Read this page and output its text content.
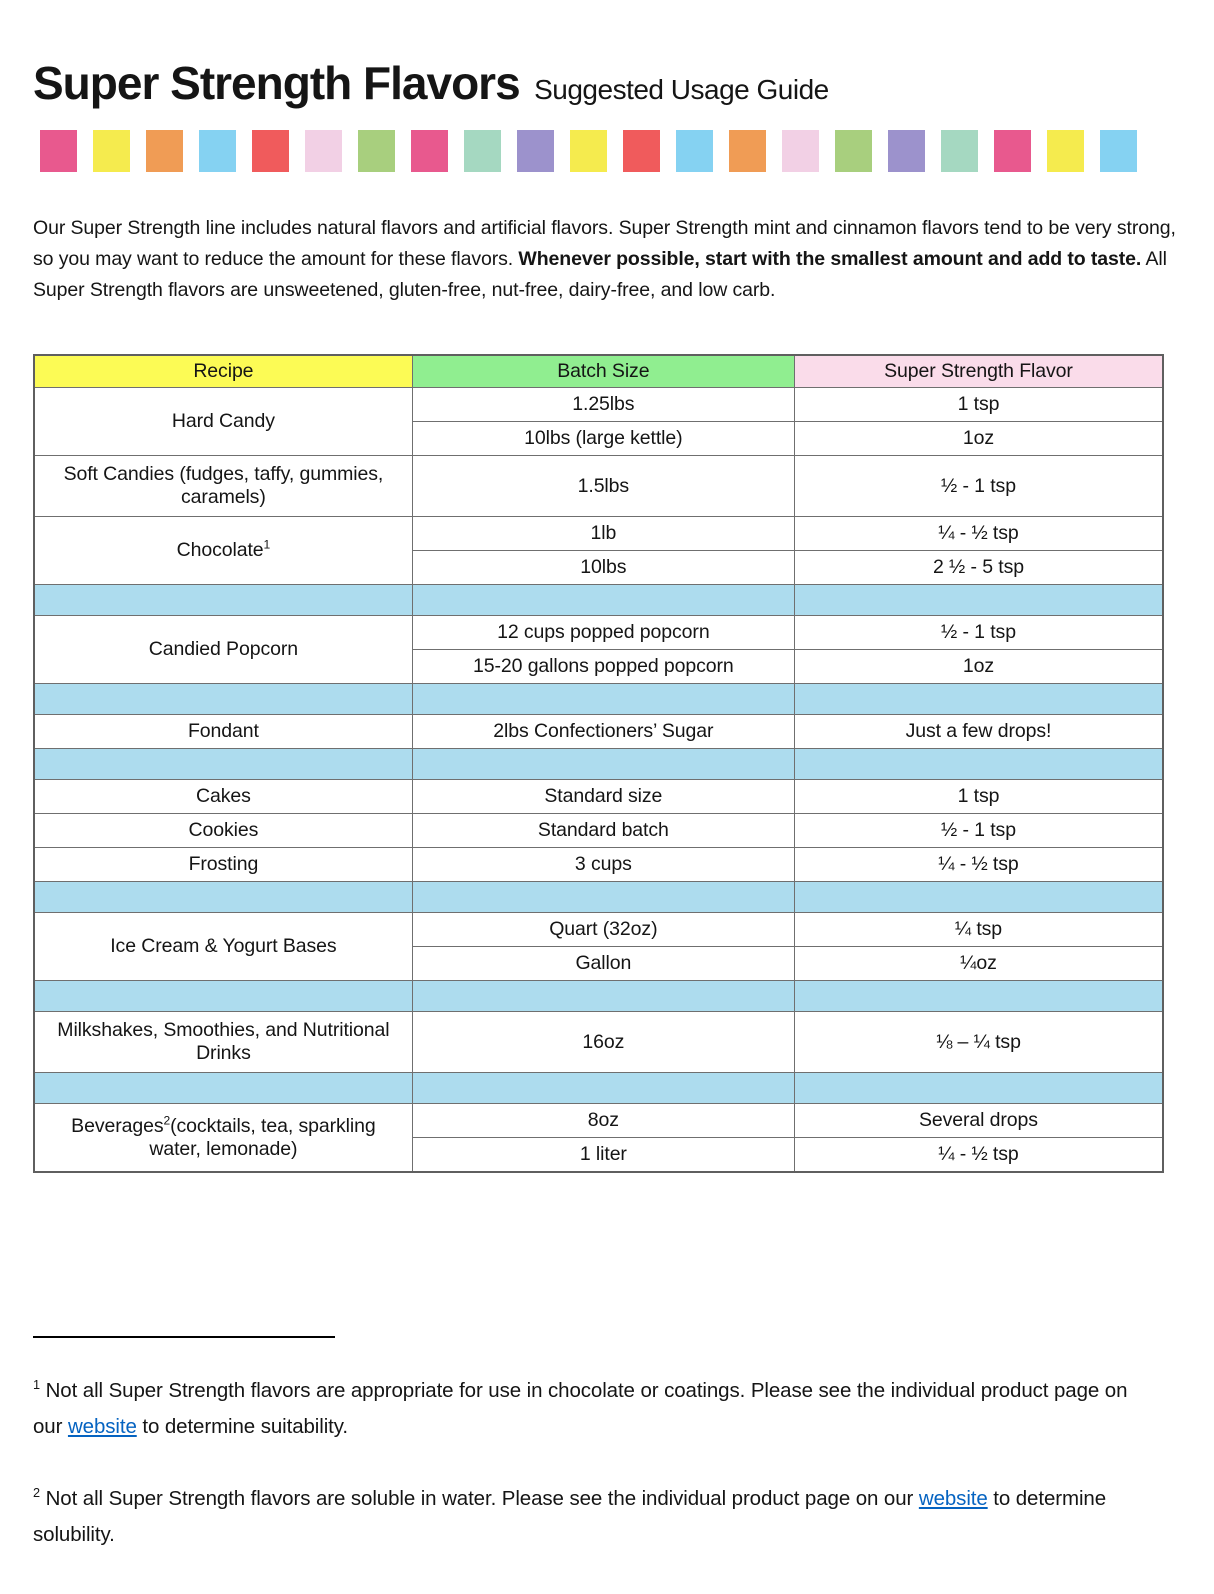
Super Strength Flavors Suggested Usage Guide

Our Super Strength line includes natural flavors and artificial flavors. Super Strength mint and cinnamon flavors tend to be very strong, so you may want to reduce the amount for these flavors. Whenever possible, start with the smallest amount and add to taste. All Super Strength flavors are unsweetened, gluten-free, nut-free, dairy-free, and low carb.

Recipe	Batch Size	Super Strength Flavor
Hard Candy	1.25lbs	1 tsp
	10lbs (large kettle)	1oz
Soft Candies (fudges, taffy, gummies, caramels)	1.5lbs	½ - 1 tsp
Chocolate$^1$	1lb	¼ - ½ tsp
	10lbs	2 ½ - 5 tsp

Candied Popcorn	12 cups popped popcorn	½ - 1 tsp
	15-20 gallons popped popcorn	1oz

Fondant	2lbs Confectioners’ Sugar	Just a few drops!

Cakes	Standard size	1 tsp
Cookies	Standard batch	½ - 1 tsp
Frosting	3 cups	¼ - ½ tsp

Ice Cream & Yogurt Bases	Quart (32oz)	¼ tsp
	Gallon	¼oz

Milkshakes, Smoothies, and Nutritional Drinks	16oz	⅛ – ¼ tsp

Beverages$^2$(cocktails, tea, sparkling water, lemonade)	8oz	Several drops
	1 liter	¼ - ½ tsp

$^1$ Not all Super Strength flavors are appropriate for use in chocolate or coatings. Please see the individual product page on our website to determine suitability.

$^2$ Not all Super Strength flavors are soluble in water. Please see the individual product page on our website to determine solubility.
